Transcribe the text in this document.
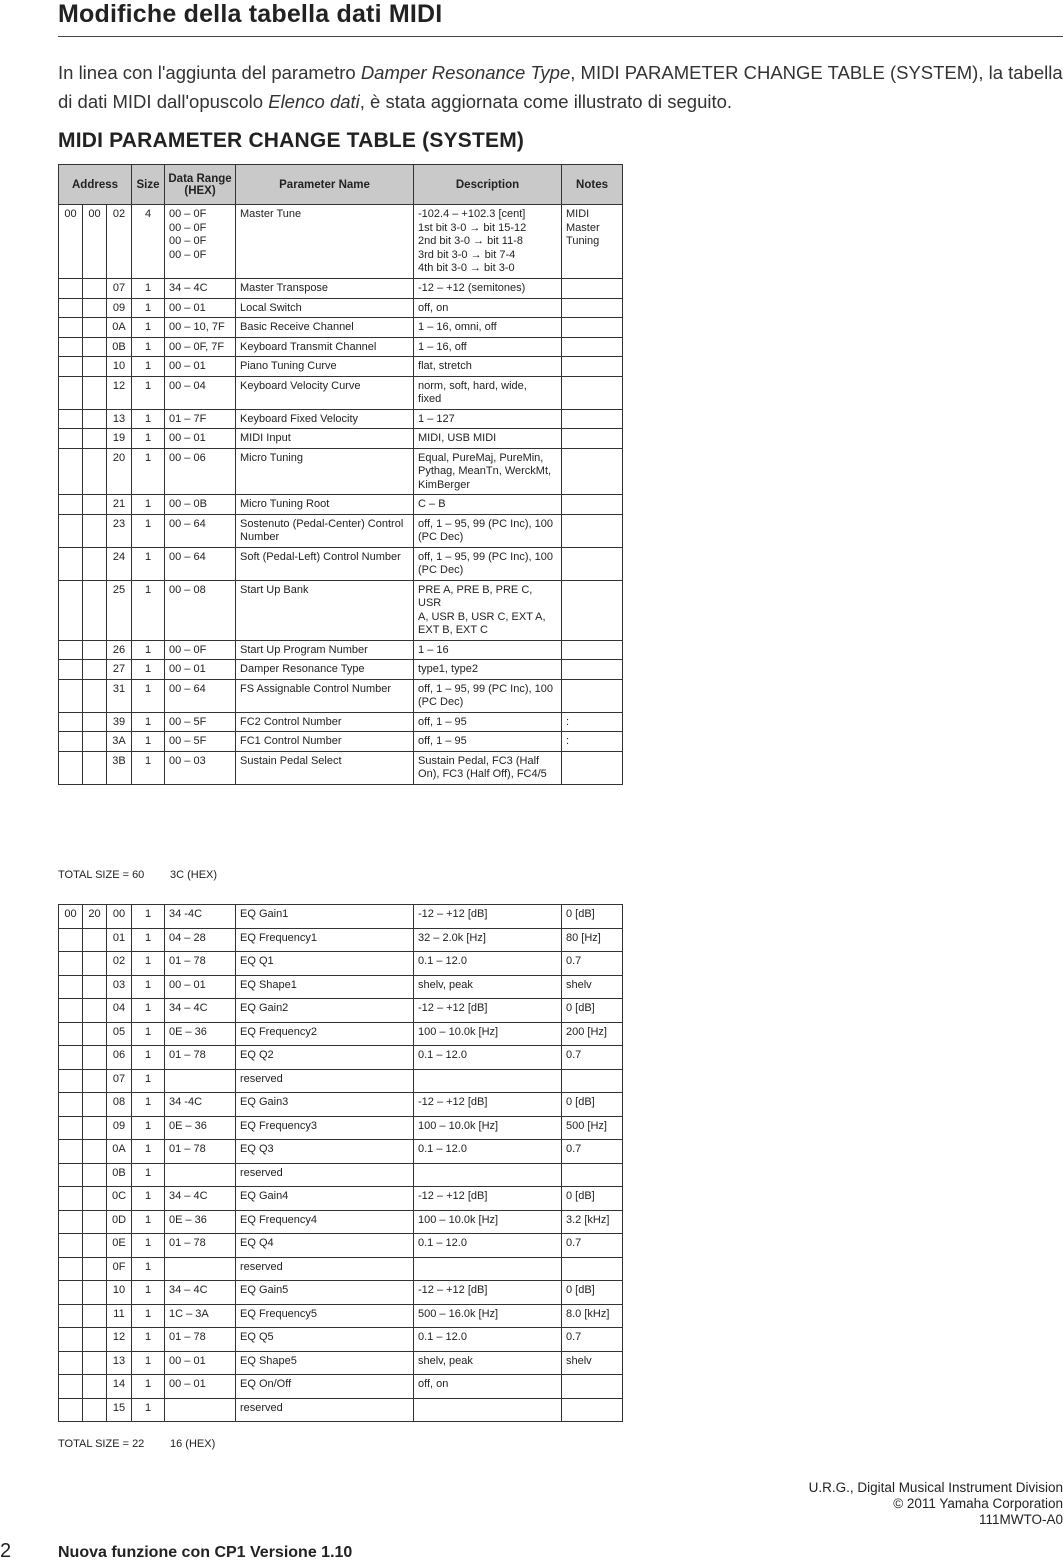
Modifiche della tabella dati MIDI

In linea con l'aggiunta del parametro Damper Resonance Type, MIDI PARAMETER CHANGE TABLE (SYSTEM), la tabella di dati MIDI dall'opuscolo Elenco dati, è stata aggiornata come illustrato di seguito.

MIDI PARAMETER CHANGE TABLE (SYSTEM)
Address			Size	Data Range
(HEX)	Parameter Name	Description	Notes
00	00	02	4	00 – 0F
00 – 0F
00 – 0F
00 – 0F	Master Tune	-102.4 – +102.3 [cent]
1st bit 3-0 → bit 15-12
2nd bit 3-0 → bit 11-8
3rd bit 3-0 → bit 7-4
4th bit 3-0 → bit 3-0	MIDI
Master
Tuning

		07	1	34 – 4C	Master Transpose	-12 – +12 (semitones)	

		09	1	00 – 01	Local Switch	off, on	

		0A	1	00 – 10, 7F	Basic Receive Channel	1 – 16, omni, off	

		0B	1	00 – 0F, 7F	Keyboard Transmit Channel	1 – 16, off	

		10	1	00 – 01	Piano Tuning Curve	flat, stretch	

		12	1	00 – 04	Keyboard Velocity Curve	norm, soft, hard, wide,
fixed	

		13	1	01 – 7F	Keyboard Fixed Velocity	1 – 127	

		19	1	00 – 01	MIDI Input	MIDI, USB MIDI	

		20	1	00 – 06	Micro Tuning	Equal, PureMaj, PureMin,
Pythag, MeanTn, WerckMt,
KimBerger	

		21	1	00 – 0B	Micro Tuning Root	C – B	

		23	1	00 – 64	Sostenuto (Pedal-Center) Control
Number	off, 1 – 95, 99 (PC Inc), 100
(PC Dec)	

		24	1	00 – 64	Soft (Pedal-Left) Control Number	off, 1 – 95, 99 (PC Inc), 100
(PC Dec)	

		25	1	00 – 08	Start Up Bank	PRE A, PRE B, PRE C, USR
A, USR B, USR C, EXT A,
EXT B, EXT C	

		26	1	00 – 0F	Start Up Program Number	1 – 16	

		27	1	00 – 01	Damper Resonance Type	type1, type2	

		31	1	00 – 64	FS Assignable Control Number	off, 1 – 95, 99 (PC Inc), 100
(PC Dec)	

		39	1	00 – 5F	FC2 Control Number	off, 1 – 95	:

		3A	1	00 – 5F	FC1 Control Number	off, 1 – 95	:

		3B	1	00 – 03	Sustain Pedal Select	Sustain Pedal, FC3 (Half
On), FC3 (Half Off), FC4/5	

TOTAL SIZE = 60 3C (HEX)
00	20	00	1	34 -4C	EQ Gain1	-12 – +12 [dB]	0 [dB]
		01	1	04 – 28	EQ Frequency1	32 – 2.0k [Hz]	80 [Hz]
		02	1	01 – 78	EQ Q1	0.1 – 12.0	0.7
		03	1	00 – 01	EQ Shape1	shelv, peak	shelv
		04	1	34 – 4C	EQ Gain2	-12 – +12 [dB]	0 [dB]
		05	1	0E – 36	EQ Frequency2	100 – 10.0k [Hz]	200 [Hz]
		06	1	01 – 78	EQ Q2	0.1 – 12.0	0.7
		07	1		reserved		
		08	1	34 -4C	EQ Gain3	-12 – +12 [dB]	0 [dB]
		09	1	0E – 36	EQ Frequency3	100 – 10.0k [Hz]	500 [Hz]
		0A	1	01 – 78	EQ Q3	0.1 – 12.0	0.7
		0B	1		reserved		
		0C	1	34 – 4C	EQ Gain4	-12 – +12 [dB]	0 [dB]
		0D	1	0E – 36	EQ Frequency4	100 – 10.0k [Hz]	3.2 [kHz]
		0E	1	01 – 78	EQ Q4	0.1 – 12.0	0.7
		0F	1		reserved		
		10	1	34 – 4C	EQ Gain5	-12 – +12 [dB]	0 [dB]
		11	1	1C – 3A	EQ Frequency5	500 – 16.0k [Hz]	8.0 [kHz]
		12	1	01 – 78	EQ Q5	0.1 – 12.0	0.7
		13	1	00 – 01	EQ Shape5	shelv, peak	shelv
		14	1	00 – 01	EQ On/Off	off, on	
		15	1		reserved		
TOTAL SIZE = 22 16 (HEX)
U.R.G., Digital Musical Instrument Division
© 2011 Yamaha Corporation
111MWTO-A0
2	Nuova funzione con CP1 Versione 1.10
